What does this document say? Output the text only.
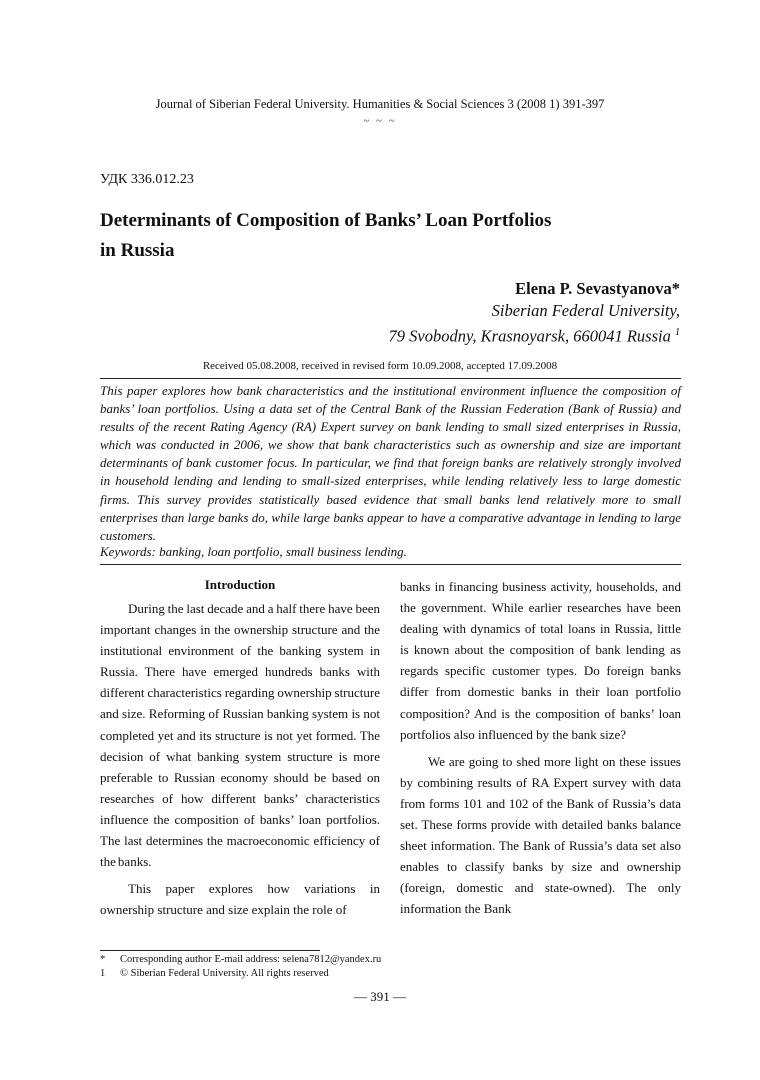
Journal of Siberian Federal University. Humanities & Social Sciences 3 (2008 1) 391-397
~ ~ ~
УДК 336.012.23
Determinants of Composition of Banks’ Loan Portfolios
in Russia
Elena P. Sevastyanova*
Siberian Federal University,
79 Svobodny, Krasnoyarsk, 660041 Russia $^1$
Received 05.08.2008, received in revised form 10.09.2008, accepted 17.09.2008

This paper explores how bank characteristics and the institutional environment influence the composition of banks’ loan portfolios. Using a data set of the Central Bank of the Russian Federation (Bank of Russia) and results of the recent Rating Agency (RA) Expert survey on bank lending to small sized enterprises in Russia, which was conducted in 2006, we show that bank characteristics such as ownership and size are important determinants of bank customer focus. In particular, we find that foreign banks are relatively strongly involved in household lending and lending to small-sized enterprises, while lending relatively less to large domestic firms. This survey provides statistically based evidence that small banks lend relatively more to small enterprises than large banks do, while large banks appear to have a comparative advantage in lending to large customers.

Keywords: banking, loan portfolio, small business lending.

Introduction

During the last decade and a half there have been important changes in the ownership structure and the institutional environment of the banking system in Russia. There have emerged hundreds banks with different characteristics regarding ownership structure and size. Reforming of Russian banking system is not completed yet and its structure is not yet formed. The decision of what banking system structure is more preferable to Russian economy should be based on researches of how different banks’ characteristics influence the composition of banks’ loan portfolios. The last determines the macroeconomic efficiency of the banks.

This paper explores how variations in ownership structure and size explain the role of

banks in financing business activity, households, and the government. While earlier researches have been dealing with dynamics of total loans in Russia, little is known about the composition of bank lending as regards specific customer types. Do foreign banks differ from domestic banks in their loan portfolio composition? And is the composition of banks’ loan portfolios also influenced by the bank size?

We are going to shed more light on these issues by combining results of RA Expert survey with data from forms 101 and 102 of the Bank of Russia’s data set. These forms provide with detailed banks balance sheet information. The Bank of Russia’s data set also enables to classify banks by size and ownership (foreign, domestic and state-owned). The only information the Bank

*	Corresponding author E-mail address: selena7812@yandex.ru
1	© Siberian Federal University. All rights reserved
— 391 —
